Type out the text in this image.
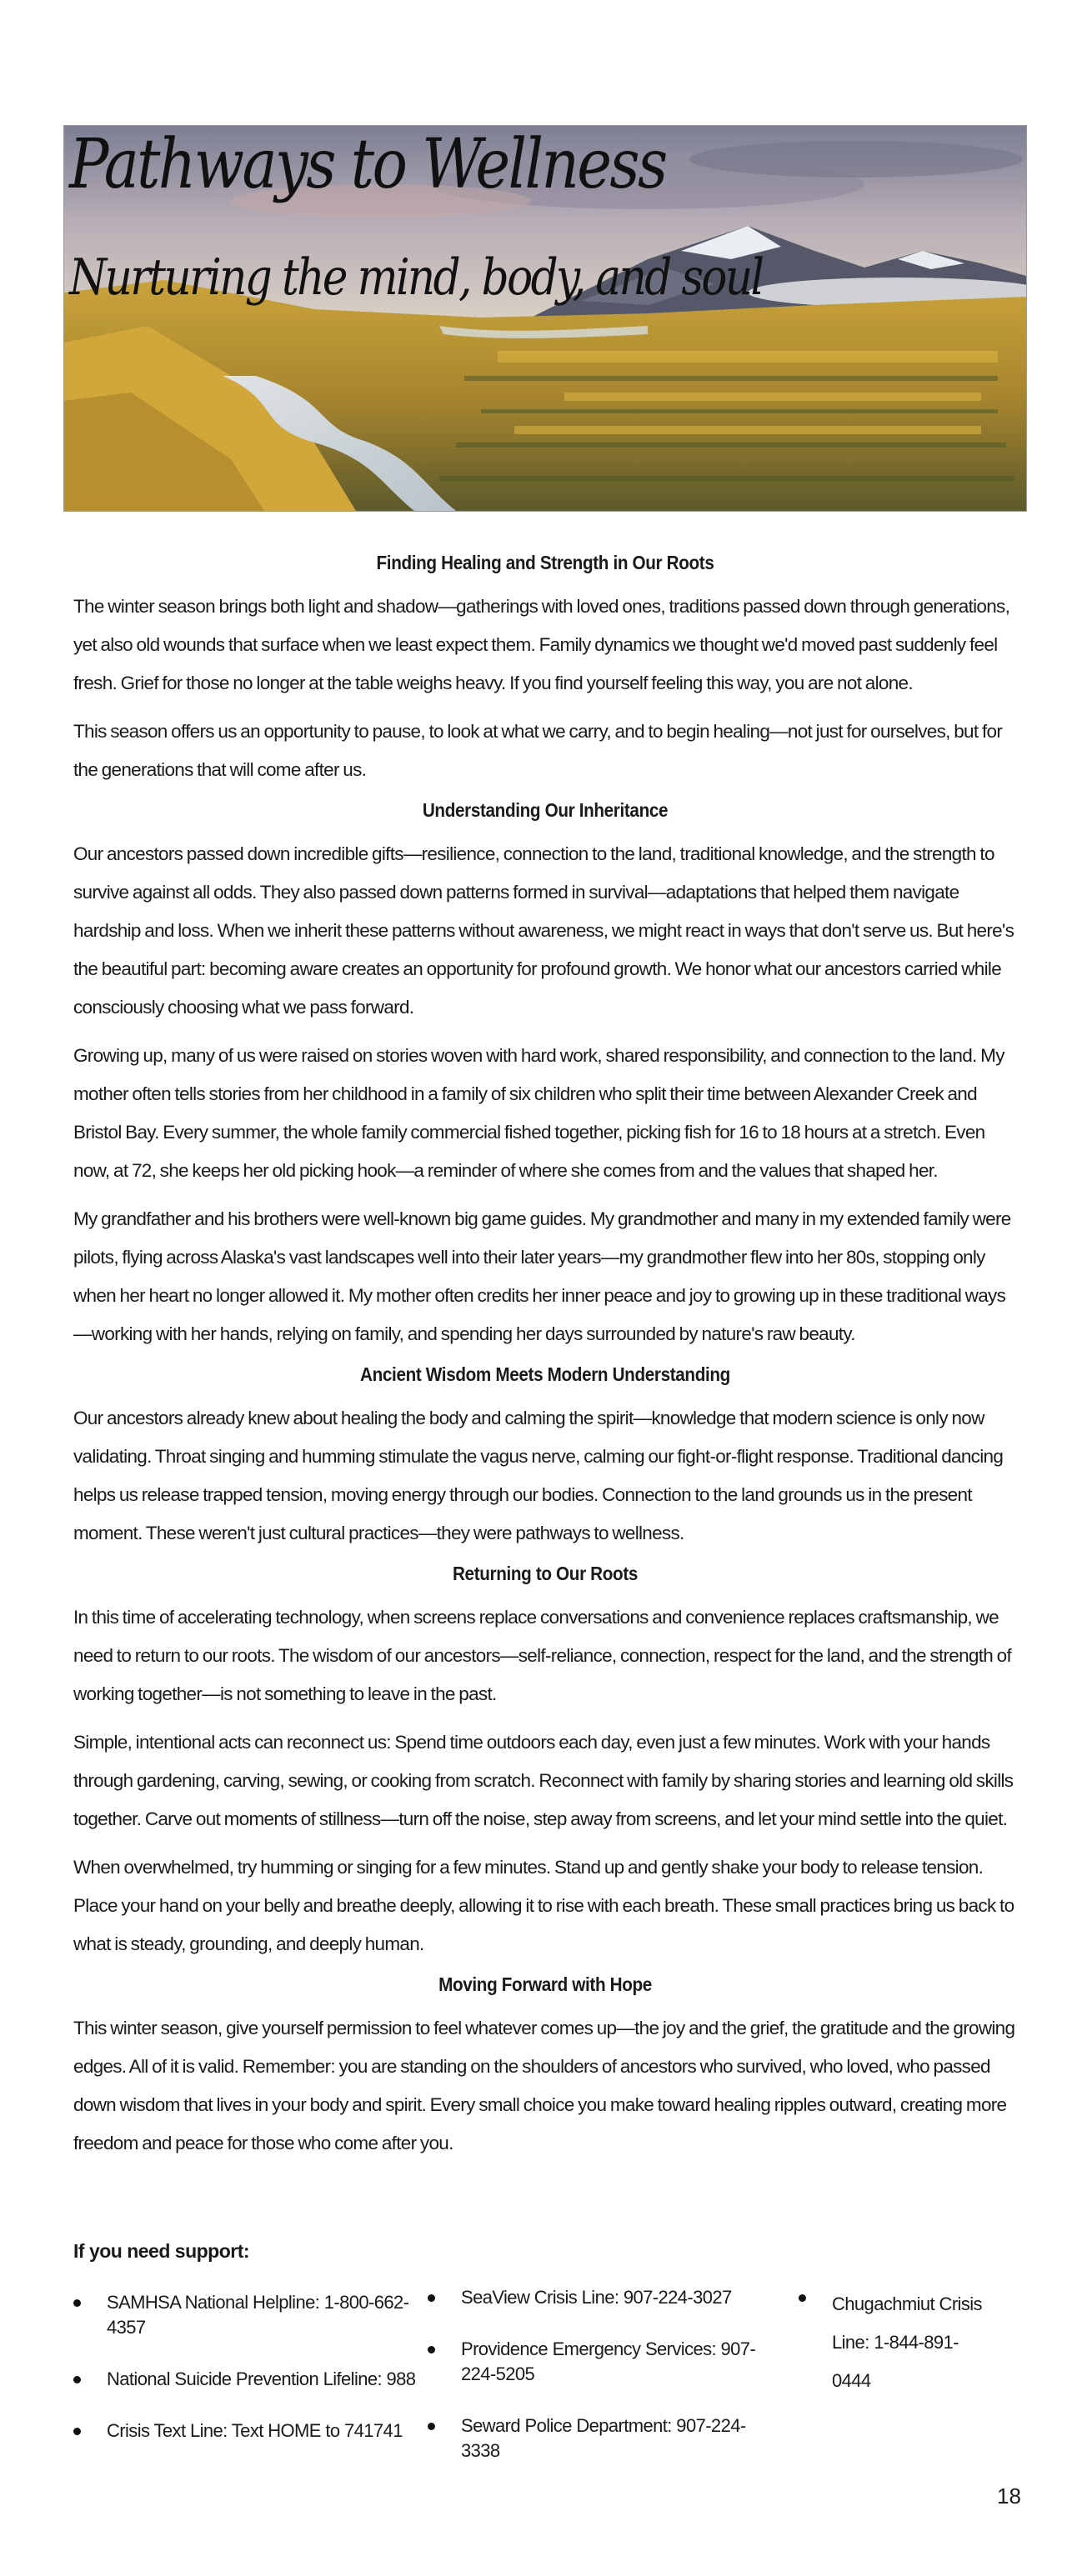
Pathways to Wellness
Nurturing the mind, body, and soul
Finding Healing and Strength in Our Roots

The winter season brings both light and shadow—gatherings with loved ones, traditions passed down through generations, yet also old wounds that surface when we least expect them. Family dynamics we thought we'd moved past suddenly feel fresh. Grief for those no longer at the table weighs heavy. If you find yourself feeling this way, you are not alone.

This season offers us an opportunity to pause, to look at what we carry, and to begin healing—not just for ourselves, but for the generations that will come after us.

Understanding Our Inheritance

Our ancestors passed down incredible gifts—resilience, connection to the land, traditional knowledge, and the strength to survive against all odds. They also passed down patterns formed in survival—adaptations that helped them navigate hardship and loss. When we inherit these patterns without awareness, we might react in ways that don't serve us. But here's the beautiful part: becoming aware creates an opportunity for profound growth. We honor what our ancestors carried while consciously choosing what we pass forward.

Growing up, many of us were raised on stories woven with hard work, shared responsibility, and connection to the land. My mother often tells stories from her childhood in a family of six children who split their time between Alexander Creek and Bristol Bay. Every summer, the whole family commercial fished together, picking fish for 16 to 18 hours at a stretch. Even now, at 72, she keeps her old picking hook—a reminder of where she comes from and the values that shaped her.

My grandfather and his brothers were well-known big game guides. My grandmother and many in my extended family were pilots, flying across Alaska's vast landscapes well into their later years—my grandmother flew into her 80s, stopping only when her heart no longer allowed it. My mother often credits her inner peace and joy to growing up in these traditional ways—working with her hands, relying on family, and spending her days surrounded by nature's raw beauty.

Ancient Wisdom Meets Modern Understanding

Our ancestors already knew about healing the body and calming the spirit—knowledge that modern science is only now validating. Throat singing and humming stimulate the vagus nerve, calming our fight-or-flight response. Traditional dancing helps us release trapped tension, moving energy through our bodies. Connection to the land grounds us in the present moment. These weren't just cultural practices—they were pathways to wellness.

Returning to Our Roots

In this time of accelerating technology, when screens replace conversations and convenience replaces craftsmanship, we need to return to our roots. The wisdom of our ancestors—self-reliance, connection, respect for the land, and the strength of working together—is not something to leave in the past.

Simple, intentional acts can reconnect us: Spend time outdoors each day, even just a few minutes. Work with your hands through gardening, carving, sewing, or cooking from scratch. Reconnect with family by sharing stories and learning old skills together. Carve out moments of stillness—turn off the noise, step away from screens, and let your mind settle into the quiet.

When overwhelmed, try humming or singing for a few minutes. Stand up and gently shake your body to release tension. Place your hand on your belly and breathe deeply, allowing it to rise with each breath. These small practices bring us back to what is steady, grounding, and deeply human.

Moving Forward with Hope

This winter season, give yourself permission to feel whatever comes up—the joy and the grief, the gratitude and the growing edges. All of it is valid. Remember: you are standing on the shoulders of ancestors who survived, who loved, who passed down wisdom that lives in your body and spirit. Every small choice you make toward healing ripples outward, creating more freedom and peace for those who come after you.

If you need support:
SAMHSA National Helpline: 1-800-662-4357
National Suicide Prevention Lifeline: 988
Crisis Text Line: Text HOME to 741741
SeaView Crisis Line: 907-224-3027
Providence Emergency Services: 907-224-5205
Seward Police Department: 907-224-3338
Chugachmiut Crisis Line: 1-844-891-0444
18
